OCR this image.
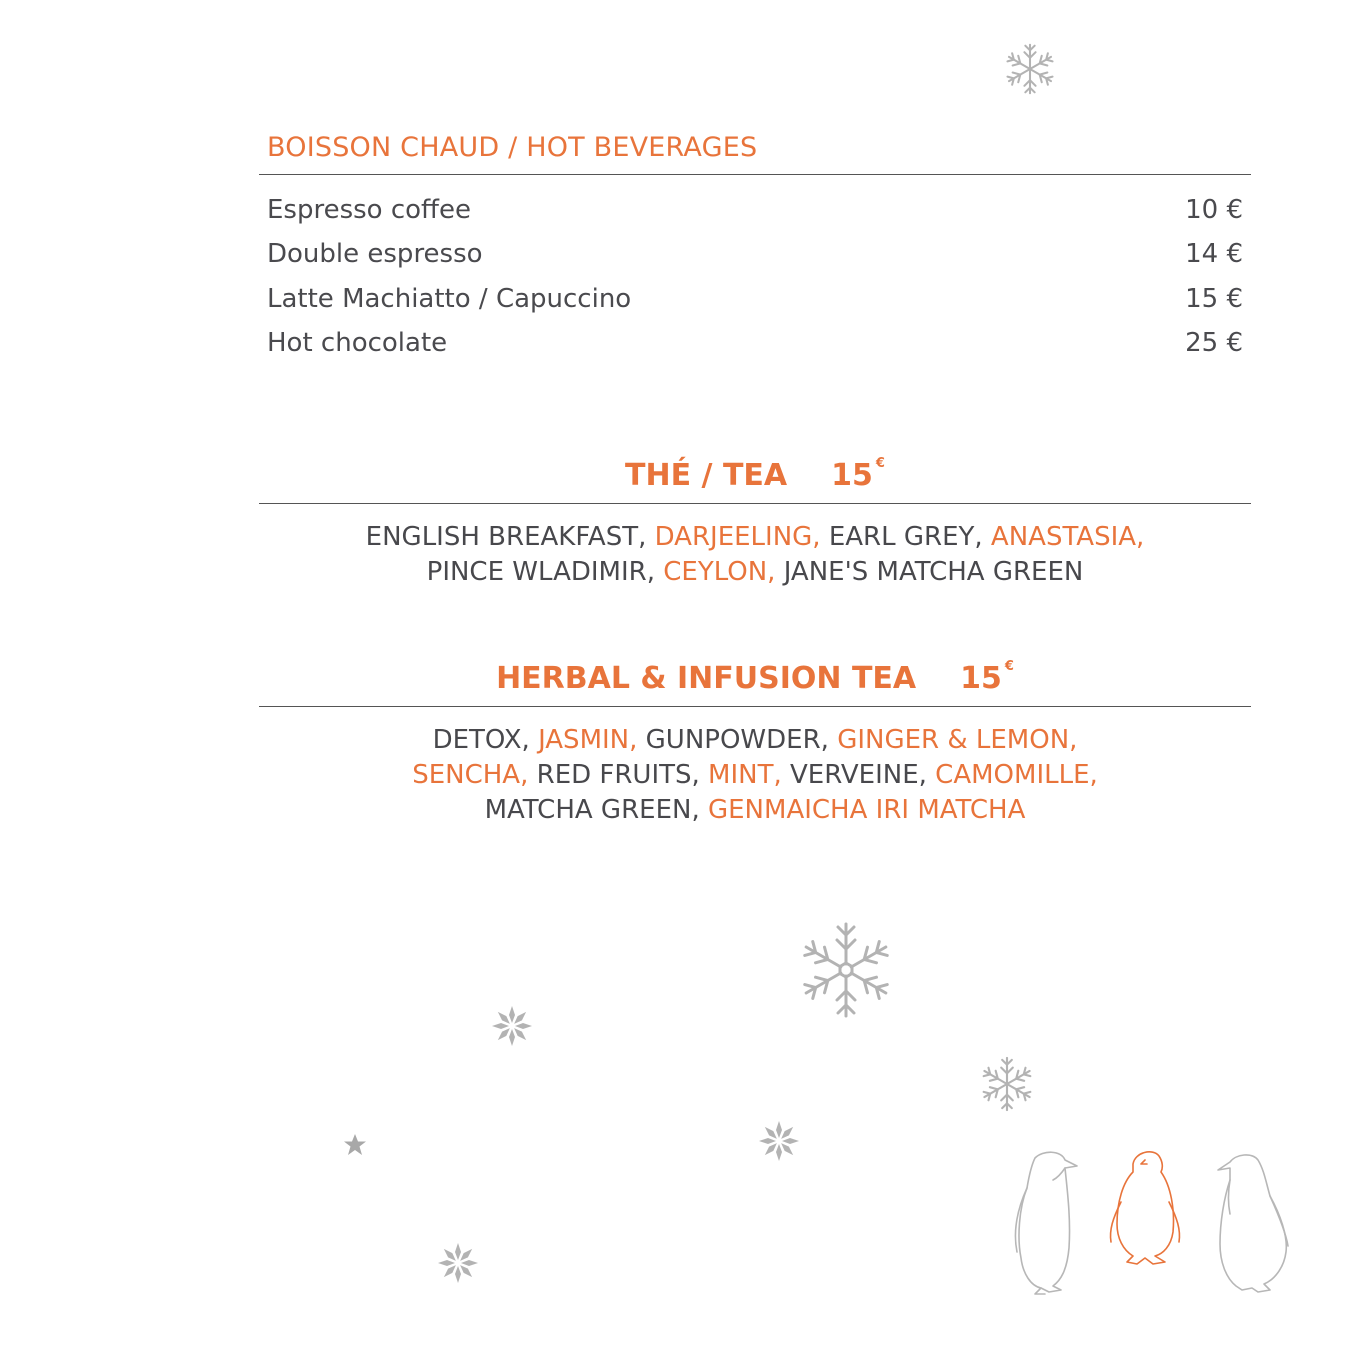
BOISSON CHAUD / HOT BEVERAGES
Espresso coffee	10 €
Double espresso	14 €
Latte Machiatto / Capuccino	15 €
Hot chocolate	25 €
THÉ / TEA 15 €
ENGLISH BREAKFAST, DARJEELING, EARL GREY, ANASTASIA,
PINCE WLADIMIR, CEYLON, JANE'S MATCHA GREEN
HERBAL & INFUSION TEA 15 €
DETOX, JASMIN, GUNPOWDER, GINGER & LEMON,
SENCHA, RED FRUITS, MINT, VERVEINE, CAMOMILLE,
MATCHA GREEN, GENMAICHA IRI MATCHA
